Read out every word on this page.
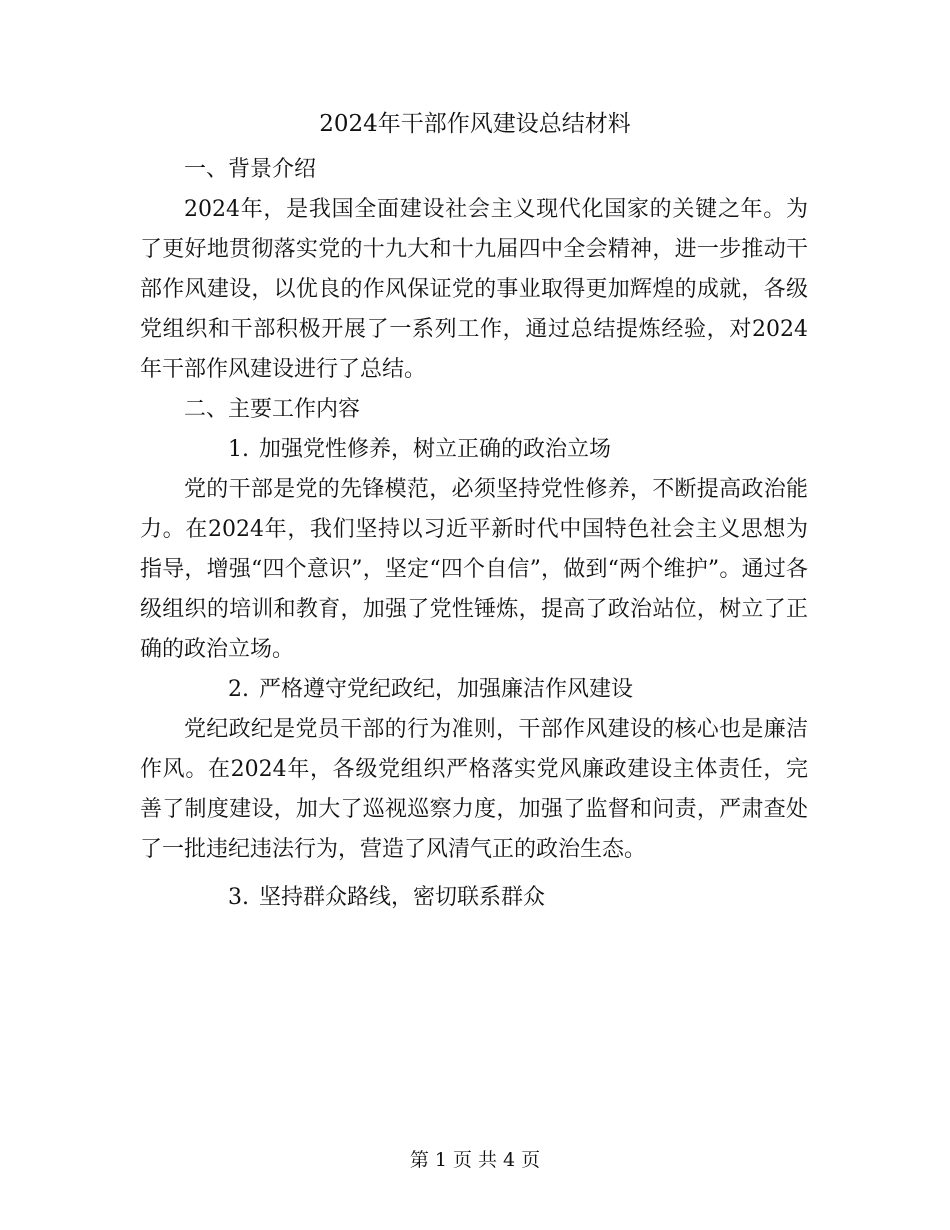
2024年干部作风建设总结材料

一、背景介绍

2024年，是我国全面建设社会主义现代化国家的关键之年。为了更好地贯彻落实党的十九大和十九届四中全会精神，进一步推动干部作风建设，以优良的作风保证党的事业取得更加辉煌的成就，各级党组织和干部积极开展了一系列工作，通过总结提炼经验，对2024年干部作风建设进行了总结。

二、主要工作内容

1. 加强党性修养，树立正确的政治立场

党的干部是党的先锋模范，必须坚持党性修养，不断提高政治能力。在2024年，我们坚持以习近平新时代中国特色社会主义思想为指导，增强“四个意识”，坚定“四个自信”，做到“两个维护”。通过各级组织的培训和教育，加强了党性锤炼，提高了政治站位，树立了正确的政治立场。

2. 严格遵守党纪政纪，加强廉洁作风建设

党纪政纪是党员干部的行为准则，干部作风建设的核心也是廉洁作风。在2024年，各级党组织严格落实党风廉政建设主体责任，完善了制度建设，加大了巡视巡察力度，加强了监督和问责，严肃查处了一批违纪违法行为，营造了风清气正的政治生态。

3. 坚持群众路线，密切联系群众

第 1 页 共 4 页
